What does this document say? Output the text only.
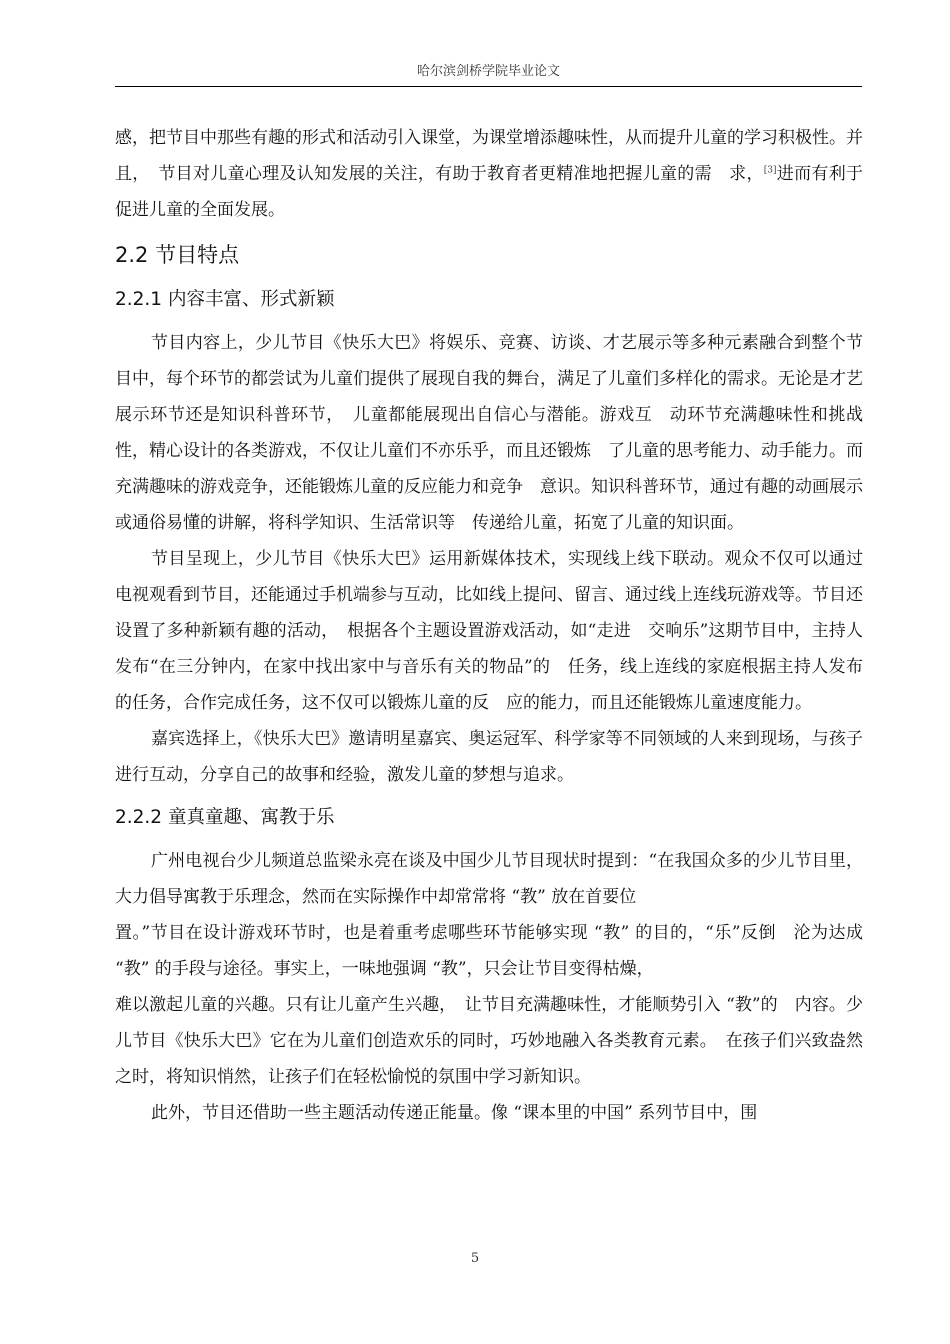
哈尔滨剑桥学院毕业论文

感，把节目中那些有趣的形式和活动引入课堂，为课堂增添趣味性，从而提升儿童的学习积极性。并且，　节目对儿童心理及认知发展的关注，有助于教育者更精准地把握儿童的需　求，[3]进而有利于促进儿童的全面发展。

2.2 节目特点
2.2.1 内容丰富、形式新颖

节目内容上，少儿节目《快乐大巴》将娱乐、竞赛、访谈、才艺展示等多种元素融合到整个节目中，每个环节的都尝试为儿童们提供了展现自我的舞台，满足了儿童们多样化的需求。无论是才艺展示环节还是知识科普环节，　儿童都能展现出自信心与潜能。游戏互　动环节充满趣味性和挑战性，精心设计的各类游戏，不仅让儿童们不亦乐乎，而且还锻炼　了儿童的思考能力、动手能力。而充满趣味的游戏竞争，还能锻炼儿童的反应能力和竞争　意识。知识科普环节，通过有趣的动画展示或通俗易懂的讲解，将科学知识、生活常识等　传递给儿童，拓宽了儿童的知识面。

节目呈现上，少儿节目《快乐大巴》运用新媒体技术，实现线上线下联动。观众不仅可以通过电视观看到节目，还能通过手机端参与互动，比如线上提问、留言、通过线上连线玩游戏等。节目还设置了多种新颖有趣的活动，　根据各个主题设置游戏活动，如“走进　交响乐”这期节目中，主持人发布“在三分钟内，在家中找出家中与音乐有关的物品”的　任务，线上连线的家庭根据主持人发布的任务，合作完成任务，这不仅可以锻炼儿童的反　应的能力，而且还能锻炼儿童速度能力。

嘉宾选择上，《快乐大巴》邀请明星嘉宾、奥运冠军、科学家等不同领域的人来到现场，与孩子进行互动，分享自己的故事和经验，激发儿童的梦想与追求。

2.2.2 童真童趣、寓教于乐

广州电视台少儿频道总监梁永亮在谈及中国少儿节目现状时提到：“在我国众多的少儿节目里，大力倡导寓教于乐理念，然而在实际操作中却常常将 “教” 放在首要位

置。”节目在设计游戏环节时，也是着重考虑哪些环节能够实现 “教” 的目的，“乐”反倒　沦为达成 “教” 的手段与途径。事实上，一味地强调 “教”，只会让节目变得枯燥，

难以激起儿童的兴趣。只有让儿童产生兴趣，　让节目充满趣味性，才能顺势引入 “教”的　内容。少儿节目《快乐大巴》它在为儿童们创造欢乐的同时，巧妙地融入各类教育元素。　在孩子们兴致盎然之时，将知识悄然，让孩子们在轻松愉悦的氛围中学习新知识。

此外，节目还借助一些主题活动传递正能量。像 “课本里的中国” 系列节目中，围

5
